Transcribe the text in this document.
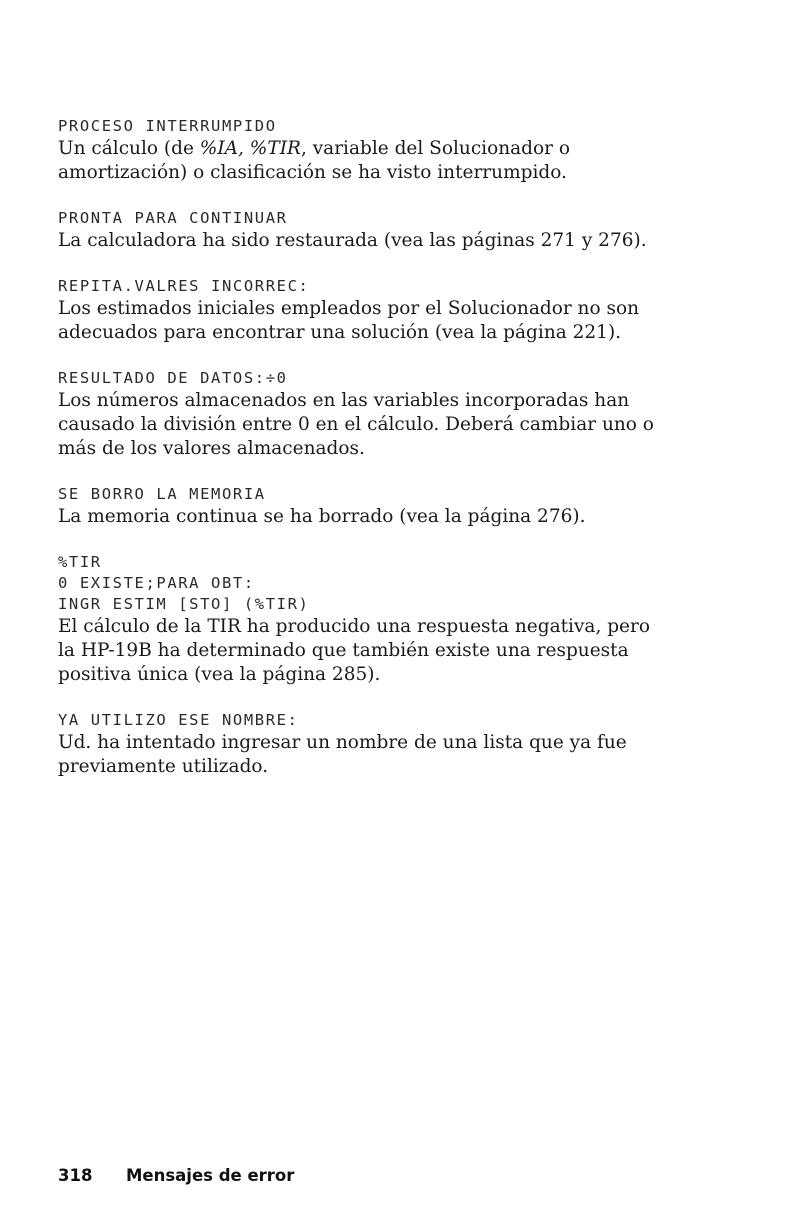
PROCESO INTERRUMPIDO

Un cálculo (de %IA, %TIR, variable del Solucionador o amortización) o clasificación se ha visto interrumpido.

PRONTA PARA CONTINUAR

La calculadora ha sido restaurada (vea las páginas 271 y 276).

REPITA.VALRES INCORREC:

Los estimados iniciales empleados por el Solucionador no son adecuados para encontrar una solución (vea la página 221).

RESULTADO DE DATOS:÷0

Los números almacenados en las variables incorporadas han causado la división entre 0 en el cálculo. Deberá cambiar uno o más de los valores almacenados.

SE BORRO LA MEMORIA

La memoria continua se ha borrado (vea la página 276).

%TIR

0 EXISTE;PARA OBT:

INGR ESTIM [STO] (%TIR)

El cálculo de la TIR ha producido una respuesta negativa, pero la HP-19B ha determinado que también existe una respuesta positiva única (vea la página 285).

YA UTILIZO ESE NOMBRE:

Ud. ha intentado ingresar un nombre de una lista que ya fue previamente utilizado.

318 Mensajes de error
